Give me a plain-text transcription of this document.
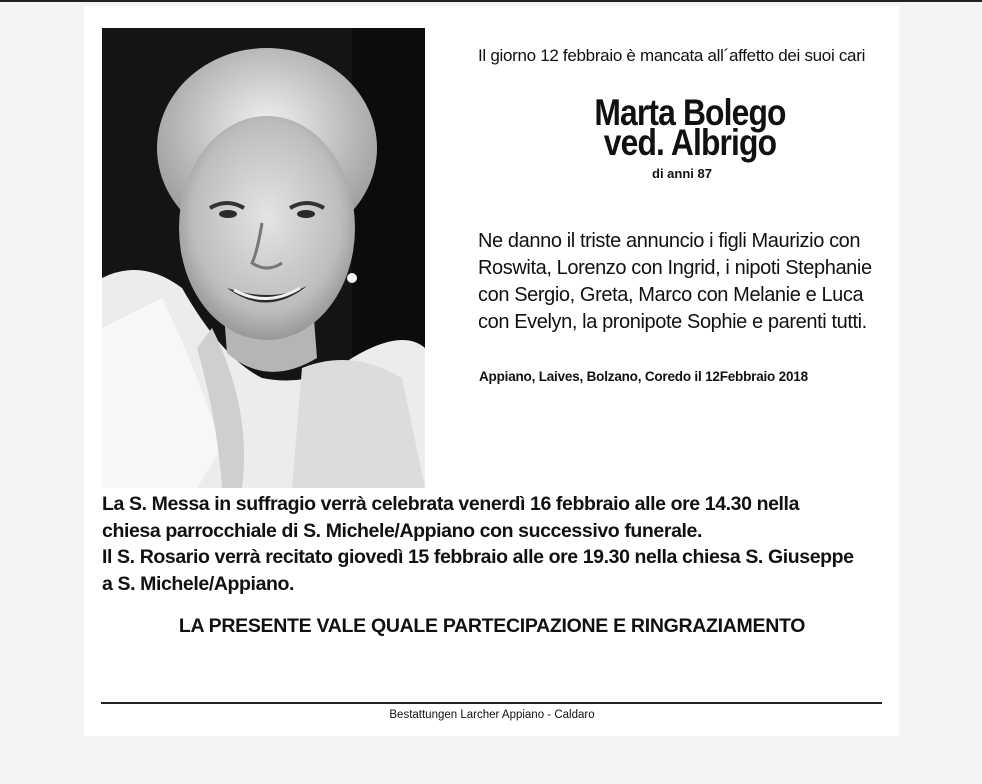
Il giorno 12 febbraio è mancata all´affetto dei suoi cari
Marta Bolego
ved. Albrigo
di anni 87
Ne danno il triste annuncio i figli Maurizio con Roswita, Lorenzo con Ingrid, i nipoti Stephanie con Sergio, Greta, Marco con Melanie e Luca con Evelyn, la pronipote Sophie e parenti tutti.
Appiano, Laives, Bolzano, Coredo il 12Febbraio 2018
La S. Messa in suffragio verrà celebrata venerdì 16 febbraio alle ore 14.30 nella
chiesa parrocchiale di S. Michele/Appiano con successivo funerale.
Il S. Rosario verrà recitato giovedì 15 febbraio alle ore 19.30 nella chiesa S. Giuseppe
a S. Michele/Appiano.
LA PRESENTE VALE QUALE PARTECIPAZIONE E RINGRAZIAMENTO
Bestattungen Larcher Appiano - Caldaro
